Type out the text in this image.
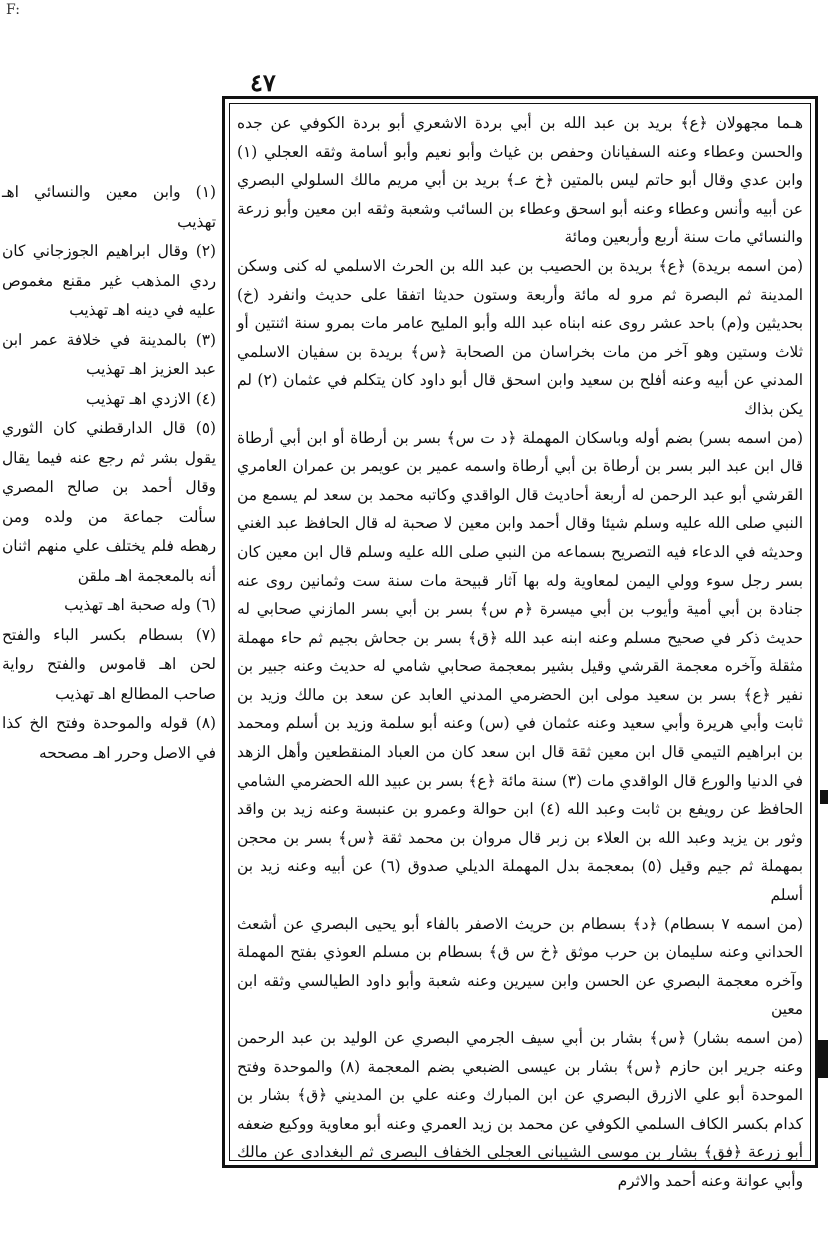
F:
٤٧

(١) وابن معين والنسائي اهـ تهذيب

(٢) وقال ابراهيم الجوزجاني كان ردي المذهب غير مقنع مغموص عليه في دينه اهـ تهذيب

(٣) بالمدينة في خلافة عمر ابن عبد العزيز اهـ تهذيب

(٤) الازدي اهـ تهذيب

(٥) قال الدارقطني كان الثوري يقول بشر ثم رجع عنه فيما يقال وقال أحمد بن صالح المصري سألت جماعة من ولده ومن رهطه فلم يختلف علي منهم اثنان أنه بالمعجمة اهـ ملقن

(٦) وله صحبة اهـ تهذيب

(٧) بسطام بكسر الباء والفتح لحن اهـ قاموس والفتح رواية صاحب المطالع اهـ تهذيب

(٨) قوله والموحدة وفتح الخ كذا في الاصل وحرر اهـ مصححه

هـما مجهولان ﴿ع﴾ بريد بن عبد الله بن أبي بردة الاشعري أبو بردة الكوفي عن جده والحسن وعطاء وعنه السفيانان وحفص بن غياث وأبو نعيم وأبو أسامة وثقه العجلي (١) وابن عدي وقال أبو حاتم ليس بالمتين ﴿خ عـ﴾ بريد بن أبي مريم مالك السلولي البصري عن أبيه وأنس وعطاء وعنه أبو اسحق وعطاء بن السائب وشعبة وثقه ابن معين وأبو زرعة والنسائي مات سنة أربع وأربعين ومائة

(من اسمه بريدة) ﴿ع﴾ بريدة بن الحصيب بن عبد الله بن الحرث الاسلمي له كنى وسكن المدينة ثم البصرة ثم مرو له مائة وأربعة وستون حديثا اتفقا على حديث وانفرد (خ) بحديثين و(م) باحد عشر روى عنه ابناه عبد الله وأبو المليح عامر مات بمرو سنة اثنتين أو ثلاث وستين وهو آخر من مات بخراسان من الصحابة ﴿س﴾ بريدة بن سفيان الاسلمي المدني عن أبيه وعنه أفلح بن سعيد وابن اسحق قال أبو داود كان يتكلم في عثمان (٢) لم يكن بذاك

(من اسمه بسر) بضم أوله وباسكان المهملة ﴿د ت س﴾ بسر بن أرطاة أو ابن أبي أرطاة قال ابن عبد البر بسر بن أرطاة بن أبي أرطاة واسمه عمير بن عويمر بن عمران العامري القرشي أبو عبد الرحمن له أربعة أحاديث قال الواقدي وكاتبه محمد بن سعد لم يسمع من النبي صلى الله عليه وسلم شيئا وقال أحمد وابن معين لا صحبة له قال الحافظ عبد الغني وحديثه في الدعاء فيه التصريح بسماعه من النبي صلى الله عليه وسلم قال ابن معين كان بسر رجل سوء وولي اليمن لمعاوية وله بها آثار قبيحة مات سنة ست وثمانين روى عنه جنادة بن أبي أمية وأيوب بن أبي ميسرة ﴿م س﴾ بسر بن أبي بسر المازني صحابي له حديث ذكر في صحيح مسلم وعنه ابنه عبد الله ﴿ق﴾ بسر بن جحاش بجيم ثم حاء مهملة مثقلة وآخره معجمة القرشي وقيل بشير بمعجمة صحابي شامي له حديث وعنه جبير بن نفير ﴿ع﴾ بسر بن سعيد مولى ابن الحضرمي المدني العابد عن سعد بن مالك وزيد بن ثابت وأبي هريرة وأبي سعيد وعنه عثمان في (س) وعنه أبو سلمة وزيد بن أسلم ومحمد بن ابراهيم التيمي قال ابن معين ثقة قال ابن سعد كان من العباد المنقطعين وأهل الزهد في الدنيا والورع قال الواقدي مات (٣) سنة مائة ﴿ع﴾ بسر بن عبيد الله الحضرمي الشامي الحافظ عن رويفع بن ثابت وعبد الله (٤) ابن حوالة وعمرو بن عنبسة وعنه زيد بن واقد وثور بن يزيد وعبد الله بن العلاء بن زبر قال مروان بن محمد ثقة ﴿س﴾ بسر بن محجن بمهملة ثم جيم وقيل (٥) بمعجمة بدل المهملة الديلي صدوق (٦) عن أبيه وعنه زيد بن أسلم

(من اسمه ٧ بسطام) ﴿د﴾ بسطام بن حريث الاصفر بالفاء أبو يحيى البصري عن أشعث الحداني وعنه سليمان بن حرب موثق ﴿خ س ق﴾ بسطام بن مسلم العوذي بفتح المهملة وآخره معجمة البصري عن الحسن وابن سيرين وعنه شعبة وأبو داود الطيالسي وثقه ابن معين

(من اسمه بشار) ﴿س﴾ بشار بن أبي سيف الجرمي البصري عن الوليد بن عبد الرحمن وعنه جرير ابن حازم ﴿س﴾ بشار بن عيسى الضبعي بضم المعجمة (٨) والموحدة وفتح الموحدة أبو علي الازرق البصري عن ابن المبارك وعنه علي بن المديني ﴿ق﴾ بشار بن كدام بكسر الكاف السلمي الكوفي عن محمد بن زيد العمري وعنه أبو معاوية ووكيع ضعفه أبو زرعة ﴿فق﴾ بشار بن موسى الشيباني العجلي الخفاف البصري ثم البغدادي عن مالك وأبي عوانة وعنه أحمد والاثرم
